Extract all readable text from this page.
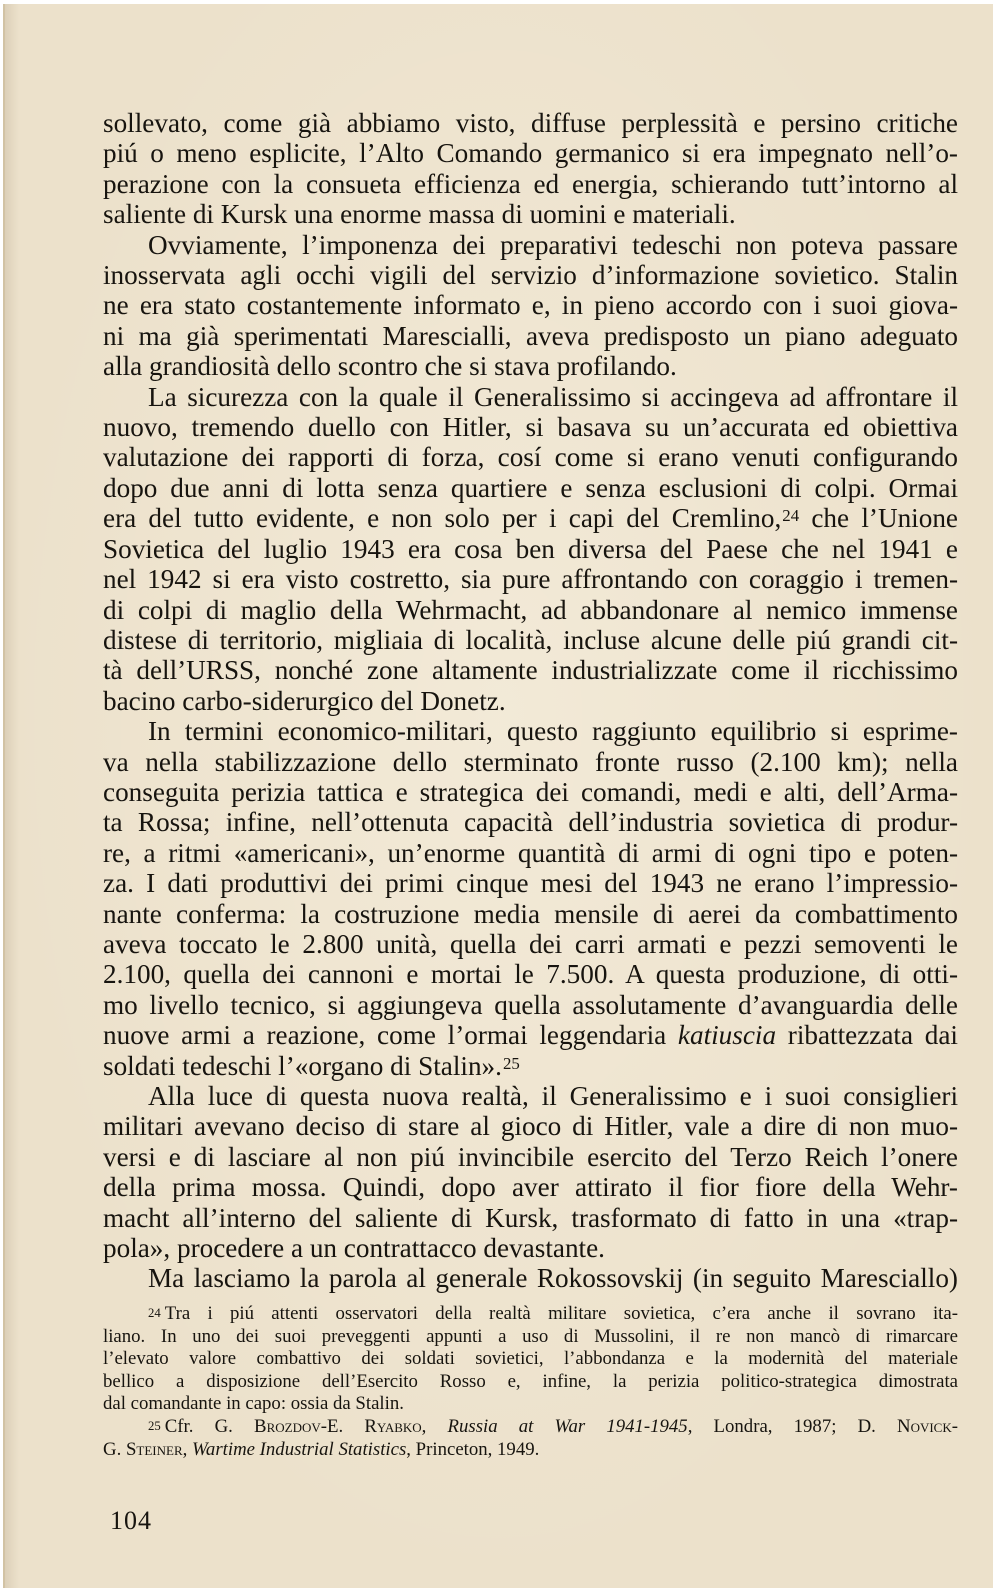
sollevato, come già abbiamo visto, diffuse perplessità e persino critiche
piú o meno esplicite, l’Alto Comando germanico si era impegnato nell’o-
perazione con la consueta efficienza ed energia, schierando tutt’intorno al
saliente di Kursk una enorme massa di uomini e materiali.
Ovviamente, l’imponenza dei preparativi tedeschi non poteva passare
inosservata agli occhi vigili del servizio d’informazione sovietico. Stalin
ne era stato costantemente informato e, in pieno accordo con i suoi giova-
ni ma già sperimentati Marescialli, aveva predisposto un piano adeguato
alla grandiosità dello scontro che si stava profilando.
La sicurezza con la quale il Generalissimo si accingeva ad affrontare il
nuovo, tremendo duello con Hitler, si basava su un’accurata ed obiettiva
valutazione dei rapporti di forza, cosí come si erano venuti configurando
dopo due anni di lotta senza quartiere e senza esclusioni di colpi. Ormai
era del tutto evidente, e non solo per i capi del Cremlino,$^{24}$ che l’Unione
Sovietica del luglio 1943 era cosa ben diversa del Paese che nel 1941 e
nel 1942 si era visto costretto, sia pure affrontando con coraggio i tremen-
di colpi di maglio della Wehrmacht, ad abbandonare al nemico immense
distese di territorio, migliaia di località, incluse alcune delle piú grandi cit-
tà dell’URSS, nonché zone altamente industrializzate come il ricchissimo
bacino carbo-siderurgico del Donetz.
In termini economico-militari, questo raggiunto equilibrio si esprime-
va nella stabilizzazione dello sterminato fronte russo (2.100 km); nella
conseguita perizia tattica e strategica dei comandi, medi e alti, dell’Arma-
ta Rossa; infine, nell’ottenuta capacità dell’industria sovietica di produr-
re, a ritmi «americani», un’enorme quantità di armi di ogni tipo e poten-
za. I dati produttivi dei primi cinque mesi del 1943 ne erano l’impressio-
nante conferma: la costruzione media mensile di aerei da combattimento
aveva toccato le 2.800 unità, quella dei carri armati e pezzi semoventi le
2.100, quella dei cannoni e mortai le 7.500. A questa produzione, di otti-
mo livello tecnico, si aggiungeva quella assolutamente d’avanguardia delle
nuove armi a reazione, come l’ormai leggendaria katiuscia ribattezzata dai
soldati tedeschi l’«organo di Stalin».$^{25}$
Alla luce di questa nuova realtà, il Generalissimo e i suoi consiglieri
militari avevano deciso di stare al gioco di Hitler, vale a dire di non muo-
versi e di lasciare al non piú invincibile esercito del Terzo Reich l’onere
della prima mossa. Quindi, dopo aver attirato il fior fiore della Wehr-
macht all’interno del saliente di Kursk, trasformato di fatto in una «trap-
pola», procedere a un contrattacco devastante.
Ma lasciamo la parola al generale Rokossovskij (in seguito Maresciallo)
$^{24}$ Tra i piú attenti osservatori della realtà militare sovietica, c’era anche il sovrano ita-
liano. In uno dei suoi preveggenti appunti a uso di Mussolini, il re non mancò di rimarcare
l’elevato valore combattivo dei soldati sovietici, l’abbondanza e la modernità del materiale
bellico a disposizione dell’Esercito Rosso e, infine, la perizia politico-strategica dimostrata
dal comandante in capo: ossia da Stalin.
$^{25}$ Cfr. G. Brozdov-E. Ryabko, Russia at War 1941-1945, Londra, 1987; D. Novick-
G. Steiner, Wartime Industrial Statistics, Princeton, 1949.
104
